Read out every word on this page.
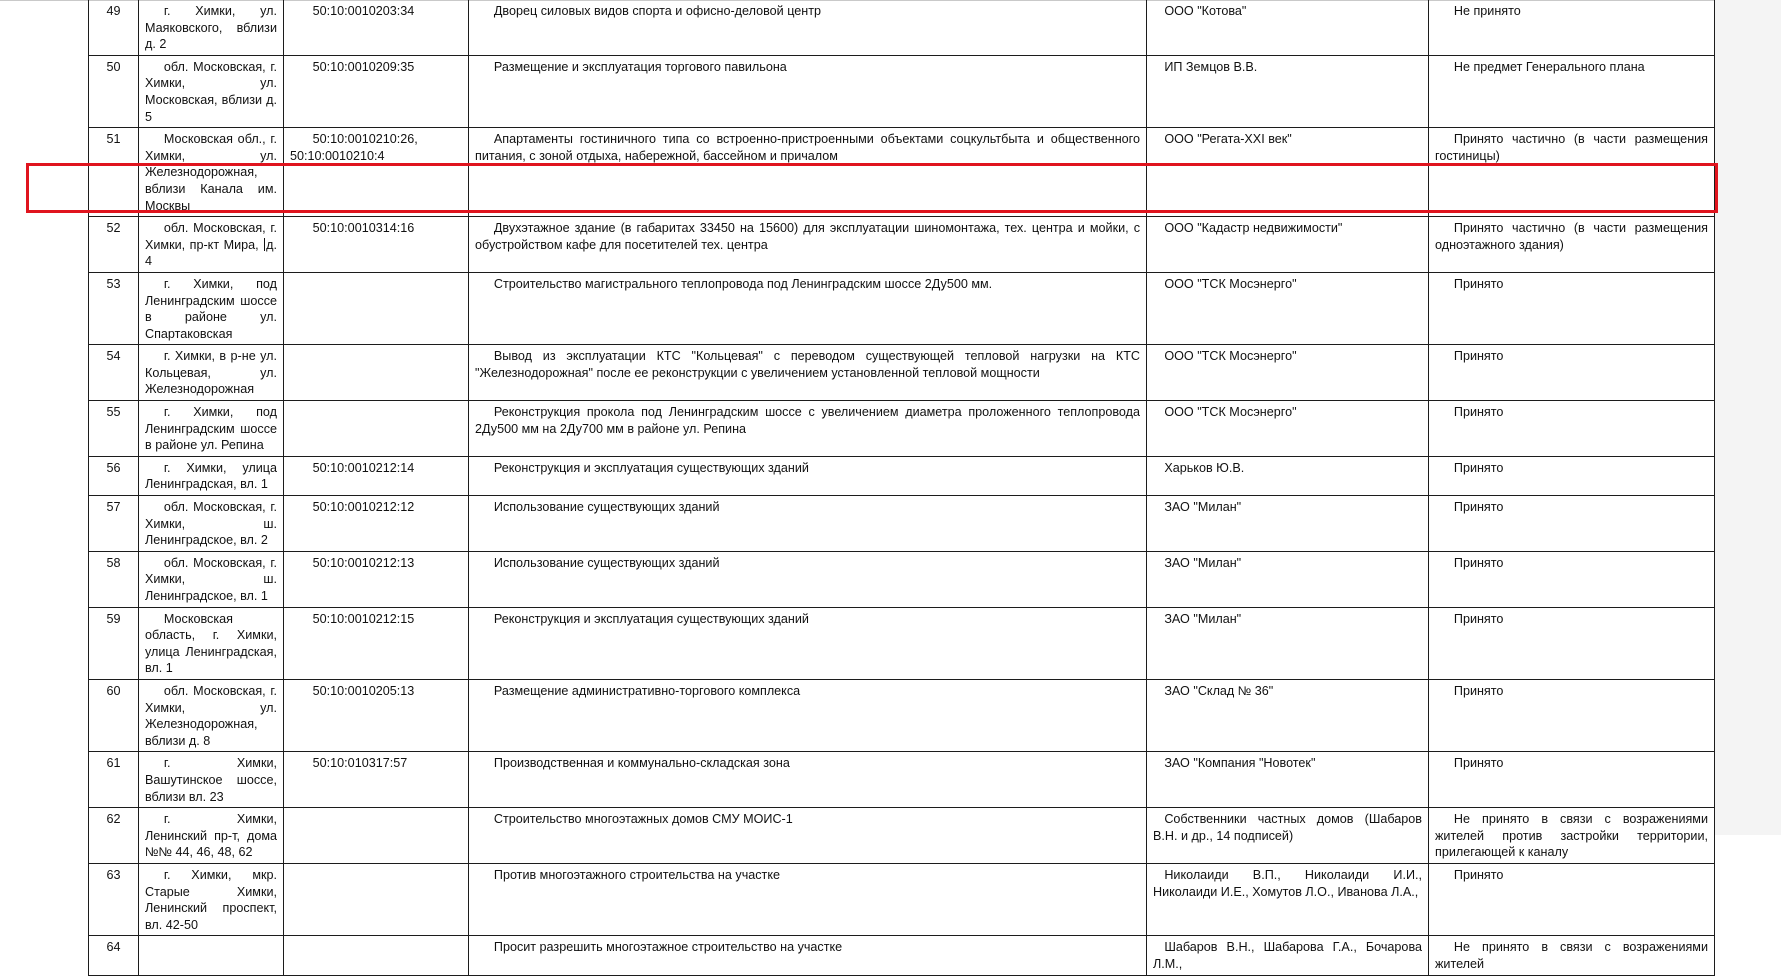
49	г. Химки, ул. Маяковского, вблизи д. 2	50:10:0010203:34	Дворец силовых видов спорта и офисно-деловой центр	ООО "Котова"	Не принято
50	обл. Московская, г. Химки, ул. Московская, вблизи д. 5	50:10:0010209:35	Размещение и эксплуатация торгового павильона	ИП Земцов В.В.	Не предмет Генерального плана
51	Московская обл., г. Химки, ул. Железнодорожная, вблизи Канала им. Москвы	50:10:0010210:26, 50:10:0010210:4	Апартаменты гостиничного типа со встроенно-пристроенными объектами соцкультбыта и общественного питания, с зоной отдыха, набережной, бассейном и причалом	ООО "Регата-XXI век"	Принято частично (в части размещения гостиницы)
52	обл. Московская, г. Химки, пр-кт Мира, д. 4	50:10:0010314:16	Двухэтажное здание (в габаритах 33450 на 15600) для эксплуатации шиномонтажа, тех. центра и мойки, с обустройством кафе для посетителей тех. центра	ООО "Кадастр недвижимости"	Принято частично (в части размещения одноэтажного здания)
53	г. Химки, под Ленинградским шоссе в районе ул. Спартаковская		Строительство магистрального теплопровода под Ленинградским шоссе 2Ду500 мм.	ООО "ТСК Мосэнерго"	Принято
54	г. Химки, в р-не ул. Кольцевая, ул. Железнодорожная		Вывод из эксплуатации КТС "Кольцевая" с переводом существующей тепловой нагрузки на КТС "Железнодорожная" после ее реконструкции с увеличением установленной тепловой мощности	ООО "ТСК Мосэнерго"	Принято
55	г. Химки, под Ленинградским шоссе в районе ул. Репина		Реконструкция прокола под Ленинградским шоссе с увеличением диаметра проложенного теплопровода 2Ду500 мм на 2Ду700 мм в районе ул. Репина	ООО "ТСК Мосэнерго"	Принято
56	г. Химки, улица Ленинградская, вл. 1	50:10:0010212:14	Реконструкция и эксплуатация существующих зданий	Харьков Ю.В.	Принято
57	обл. Московская, г. Химки, ш. Ленинградское, вл. 2	50:10:0010212:12	Использование существующих зданий	ЗАО "Милан"	Принято
58	обл. Московская, г. Химки, ш. Ленинградское, вл. 1	50:10:0010212:13	Использование существующих зданий	ЗАО "Милан"	Принято
59	Московская область, г. Химки, улица Ленинградская, вл. 1	50:10:0010212:15	Реконструкция и эксплуатация существующих зданий	ЗАО "Милан"	Принято
60	обл. Московская, г. Химки, ул. Железнодорожная, вблизи д. 8	50:10:0010205:13	Размещение административно-торгового комплекса	ЗАО "Склад № 36"	Принято
61	г. Химки, Вашутинское шоссе, вблизи вл. 23	50:10:010317:57	Производственная и коммунально-складская зона	ЗАО "Компания "Новотек"	Принято
62	г. Химки, Ленинский пр-т, дома №№ 44, 46, 48, 62		Строительство многоэтажных домов СМУ МОИС-1	Собственники частных домов (Шабаров В.Н. и др., 14 подписей)	Не принято в связи с возражениями жителей против застройки территории, прилегающей к каналу
63	г. Химки, мкр. Старые Химки, Ленинский проспект, вл. 42-50		Против многоэтажного строительства на участке	Николаиди В.П., Николаиди И.И., Николаиди И.Е., Хомутов Л.О., Иванова Л.А.,	Принято
64			Просит разрешить многоэтажное строительство на участке	Шабаров В.Н., Шабарова Г.А., Бочарова Л.М.,	Не принято в связи с возражениями жителей
